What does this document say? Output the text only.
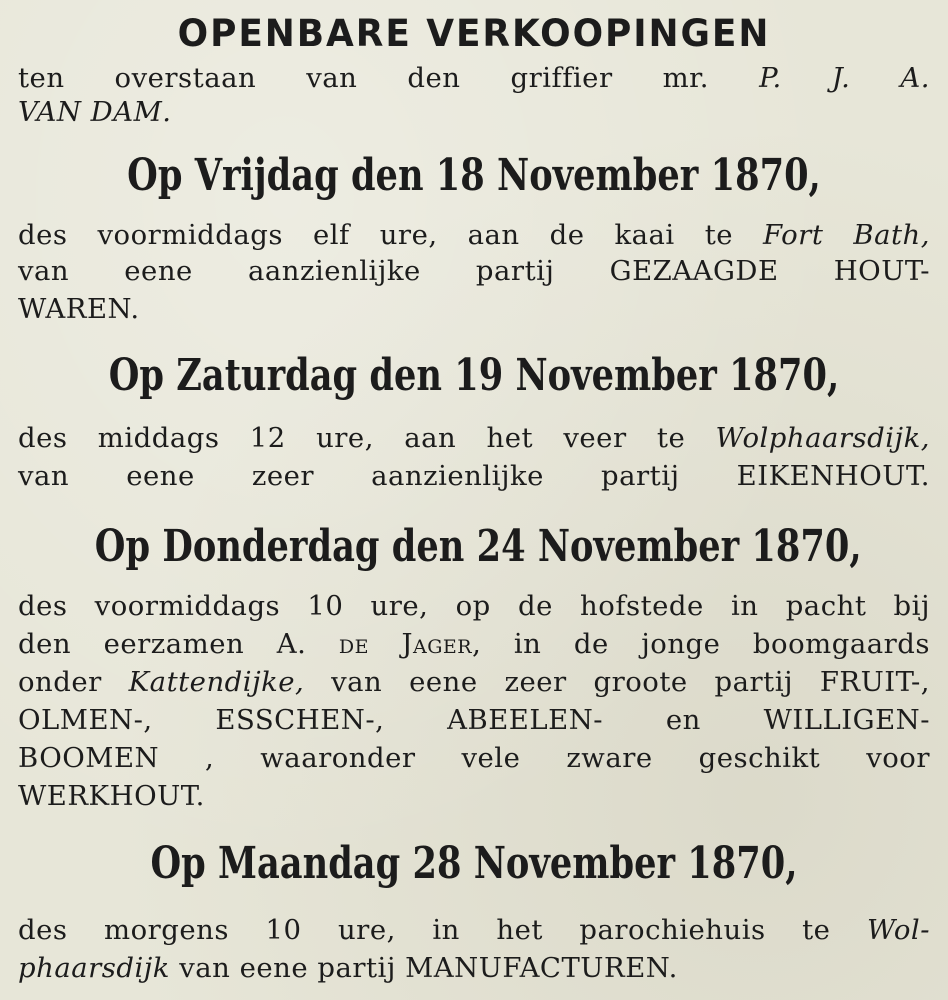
OPENBARE VERKOOPINGEN
ten overstaan van den griffier mr. P. J. A.
VAN DAM.
Op Vrijdag den 18 November 1870,
des voormiddags elf ure, aan de kaai te Fort Bath,
van eene aanzienlijke partij GEZAAGDE HOUT-
WAREN.
Op Zaturdag den 19 November 1870,
des middags 12 ure, aan het veer te Wolphaarsdijk,
van eene zeer aanzienlijke partij EIKENHOUT.
Op Donderdag den 24 November 1870,
des voormiddags 10 ure, op de hofstede in pacht bij
den eerzamen A. de Jager, in de jonge boomgaards
onder Kattendijke, van eene zeer groote partij FRUIT-,
OLMEN-, ESSCHEN-, ABEELEN- en WILLIGEN-
BOOMEN , waaronder vele zware geschikt voor
WERKHOUT.
Op Maandag 28 November 1870,
des morgens 10 ure, in het parochiehuis te Wol-
phaarsdijk van eene partij MANUFACTUREN.
